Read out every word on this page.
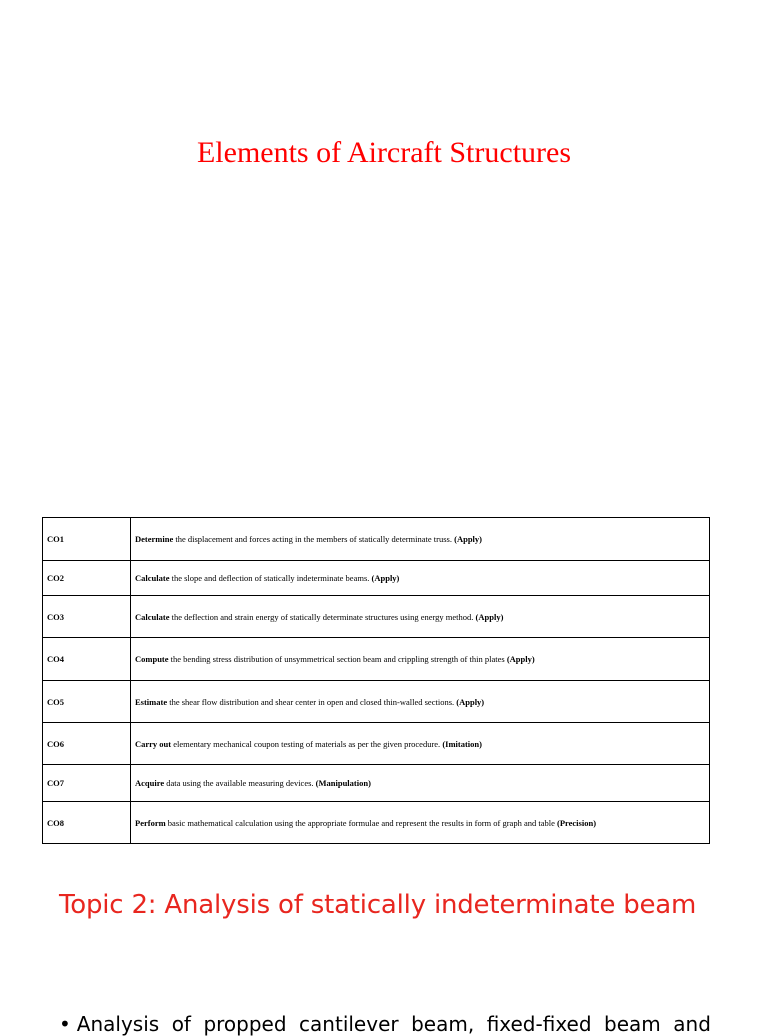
Elements of Aircraft Structures
CO1	Determine the displacement and forces acting in the members of statically determinate truss. (Apply)
CO2	Calculate the slope and deflection of statically indeterminate beams. (Apply)
CO3	Calculate the deflection and strain energy of statically determinate structures using energy method. (Apply)
CO4	Compute the bending stress distribution of unsymmetrical section beam and crippling strength of thin plates (Apply)
CO5	Estimate the shear flow distribution and shear center in open and closed thin-walled sections. (Apply)
CO6	Carry out elementary mechanical coupon testing of materials as per the given procedure. (Imitation)
CO7	Acquire data using the available measuring devices. (Manipulation)
CO8	Perform basic mathematical calculation using the appropriate formulae and represent the results in form of graph and table (Precision)
Topic 2: Analysis of statically indeterminate beam
• Analysis of propped cantilever beam, fixed-fixed beam and
